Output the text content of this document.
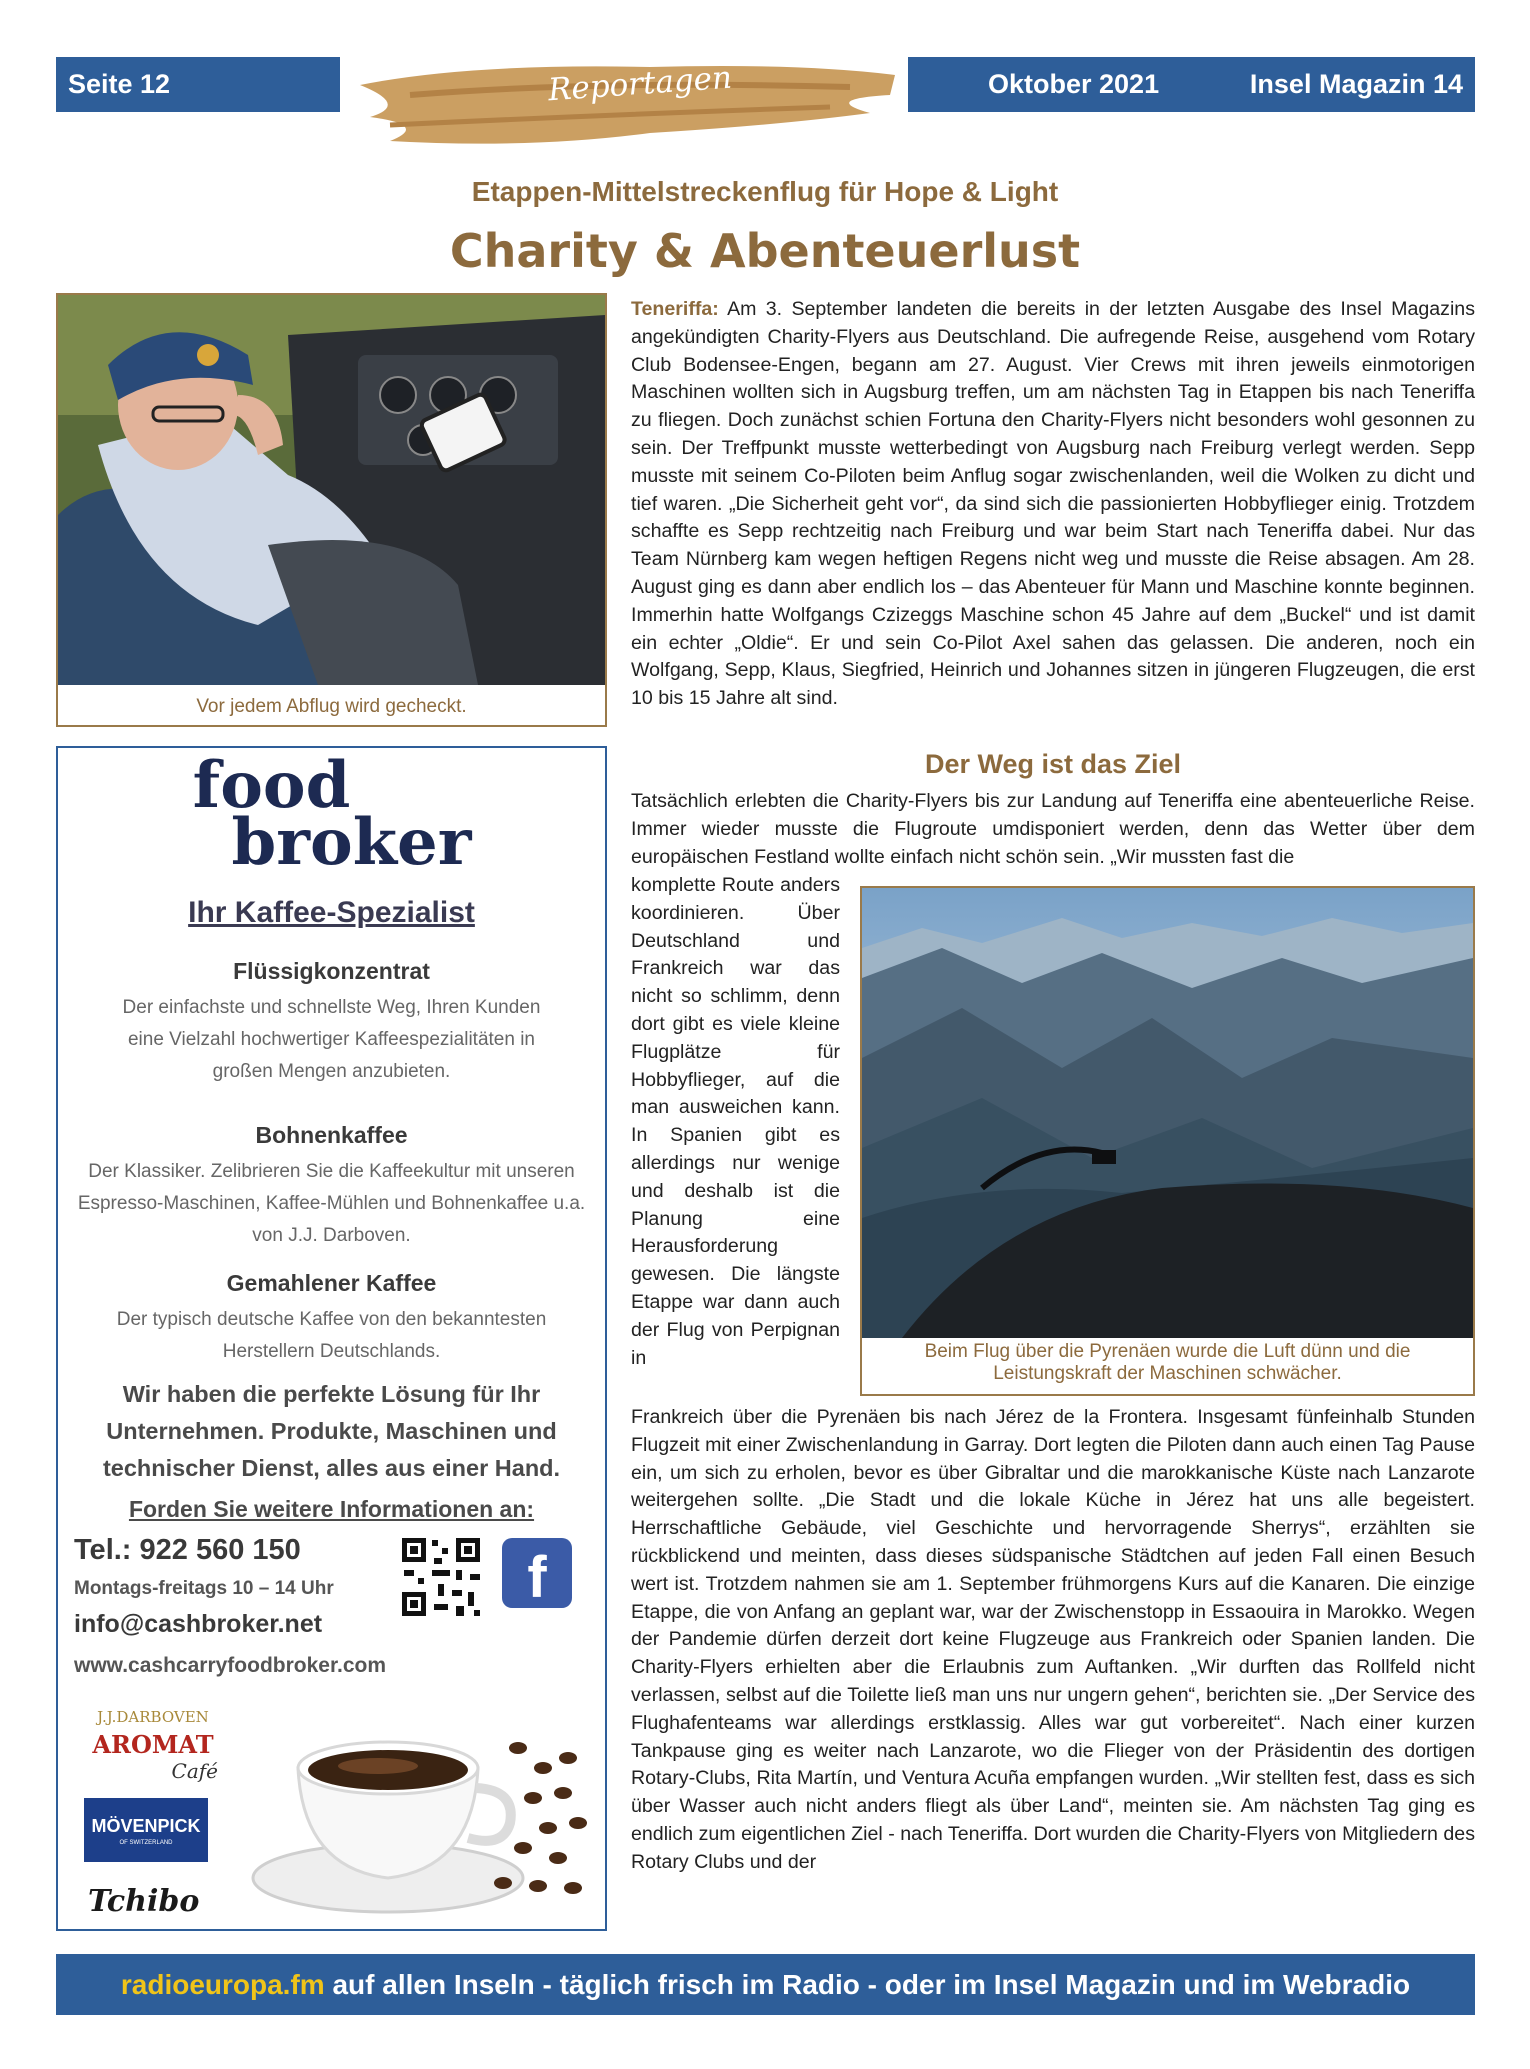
Seite 12	Reportagen	Oktober 2021	Insel Magazin 14
Etappen-Mittelstreckenflug für Hope & Light
Charity & Abenteuerlust
Vor jedem Abflug wird gecheckt.
food
broker
Ihr Kaffee-Spezialist
Flüssigkonzentrat
Der einfachste und schnellste Weg, Ihren Kunden eine Vielzahl hochwertiger Kaffeespezialitäten in großen Mengen anzubieten.
Bohnenkaffee
Der Klassiker. Zelibrieren Sie die Kaffeekultur mit unseren Espresso-Maschinen, Kaffee-Mühlen und Bohnenkaffee u.a. von J.J. Darboven.
Gemahlener Kaffee
Der typisch deutsche Kaffee von den bekanntesten Herstellern Deutschlands.
Wir haben die perfekte Lösung für Ihr Unternehmen. Produkte, Maschinen und technischer Dienst, alles aus einer Hand.
Forden Sie weitere Informationen an:
Tel.: 922 560 150
Montags-freitags 10 – 14 Uhr
info@cashbroker.net
www.cashcarryfoodbroker.com
f
J.J.DARBOVEN
AROMAT
Café
MÖVENPICK
OF SWITZERLAND
Tchibo

Teneriffa: Am 3. September landeten die bereits in der letzten Ausgabe des Insel Magazins angekündigten Charity-Flyers aus Deutschland. Die aufregende Reise, ausgehend vom Rotary Club Bodensee-Engen, begann am 27. August. Vier Crews mit ihren jeweils einmotorigen Maschinen wollten sich in Augsburg treffen, um am nächsten Tag in Etappen bis nach Teneriffa zu fliegen. Doch zunächst schien Fortuna den Charity-Flyers nicht besonders wohl gesonnen zu sein. Der Treffpunkt musste wetterbedingt von Augsburg nach Freiburg verlegt werden. Sepp musste mit seinem Co-Piloten beim Anflug sogar zwischenlanden, weil die Wolken zu dicht und tief waren. „Die Sicherheit geht vor“, da sind sich die passionierten Hobbyflieger einig. Trotzdem schaffte es Sepp rechtzeitig nach Freiburg und war beim Start nach Teneriffa dabei. Nur das Team Nürnberg kam wegen heftigen Regens nicht weg und musste die Reise absagen. Am 28. August ging es dann aber endlich los – das Abenteuer für Mann und Maschine konnte beginnen. Immerhin hatte Wolfgangs Czizeggs Maschine schon 45 Jahre auf dem „Buckel“ und ist damit ein echter „Oldie“. Er und sein Co-Pilot Axel sahen das gelassen. Die anderen, noch ein Wolfgang, Sepp, Klaus, Siegfried, Heinrich und Johannes sitzen in jüngeren Flugzeugen, die erst 10 bis 15 Jahre alt sind.

Der Weg ist das Ziel
Tatsächlich erlebten die Charity-Flyers bis zur Landung auf Teneriffa eine abenteuerliche Reise. Immer wieder musste die Flugroute umdisponiert werden, denn das Wetter über dem europäischen Festland wollte einfach nicht schön sein. „Wir mussten fast die
komplette Route anders koordinieren. Über Deutschland und Frankreich war das nicht so schlimm, denn dort gibt es viele kleine Flugplätze für Hobbyflieger, auf die man ausweichen kann. In Spanien gibt es allerdings nur wenige und deshalb ist die Planung eine Herausforderung gewesen. Die längste Etappe war dann auch der Flug von Perpignan in	Beim Flug über die Pyrenäen wurde die Luft dünn und die Leistungskraft der Maschinen schwächer.
Frankreich über die Pyrenäen bis nach Jérez de la Frontera. Insgesamt fünfeinhalb Stunden Flugzeit mit einer Zwischenlandung in Garray. Dort legten die Piloten dann auch einen Tag Pause ein, um sich zu erholen, bevor es über Gibraltar und die marokkanische Küste nach Lanzarote weitergehen sollte. „Die Stadt und die lokale Küche in Jérez hat uns alle begeistert. Herrschaftliche Gebäude, viel Geschichte und hervorragende Sherrys“, erzählten sie rückblickend und meinten, dass dieses südspanische Städtchen auf jeden Fall einen Besuch wert ist. Trotzdem nahmen sie am 1. September frühmorgens Kurs auf die Kanaren. Die einzige Etappe, die von Anfang an geplant war, war der Zwischenstopp in Essaouira in Marokko. Wegen der Pandemie dürfen derzeit dort keine Flugzeuge aus Frankreich oder Spanien landen. Die Charity-Flyers erhielten aber die Erlaubnis zum Auftanken. „Wir durften das Rollfeld nicht verlassen, selbst auf die Toilette ließ man uns nur ungern gehen“, berichten sie. „Der Service des Flughafenteams war allerdings erstklassig. Alles war gut vorbereitet“. Nach einer kurzen Tankpause ging es weiter nach Lanzarote, wo die Flieger von der Präsidentin des dortigen Rotary-Clubs, Rita Martín, und Ventura Acuña empfangen wurden. „Wir stellten fest, dass es sich über Wasser auch nicht anders fliegt als über Land“, meinten sie. Am nächsten Tag ging es endlich zum eigentlichen Ziel - nach Teneriffa. Dort wurden die Charity-Flyers von Mitgliedern des Rotary Clubs und der
radioeuropa.fm auf allen Inseln - täglich frisch im Radio - oder im Insel Magazin und im Webradio
